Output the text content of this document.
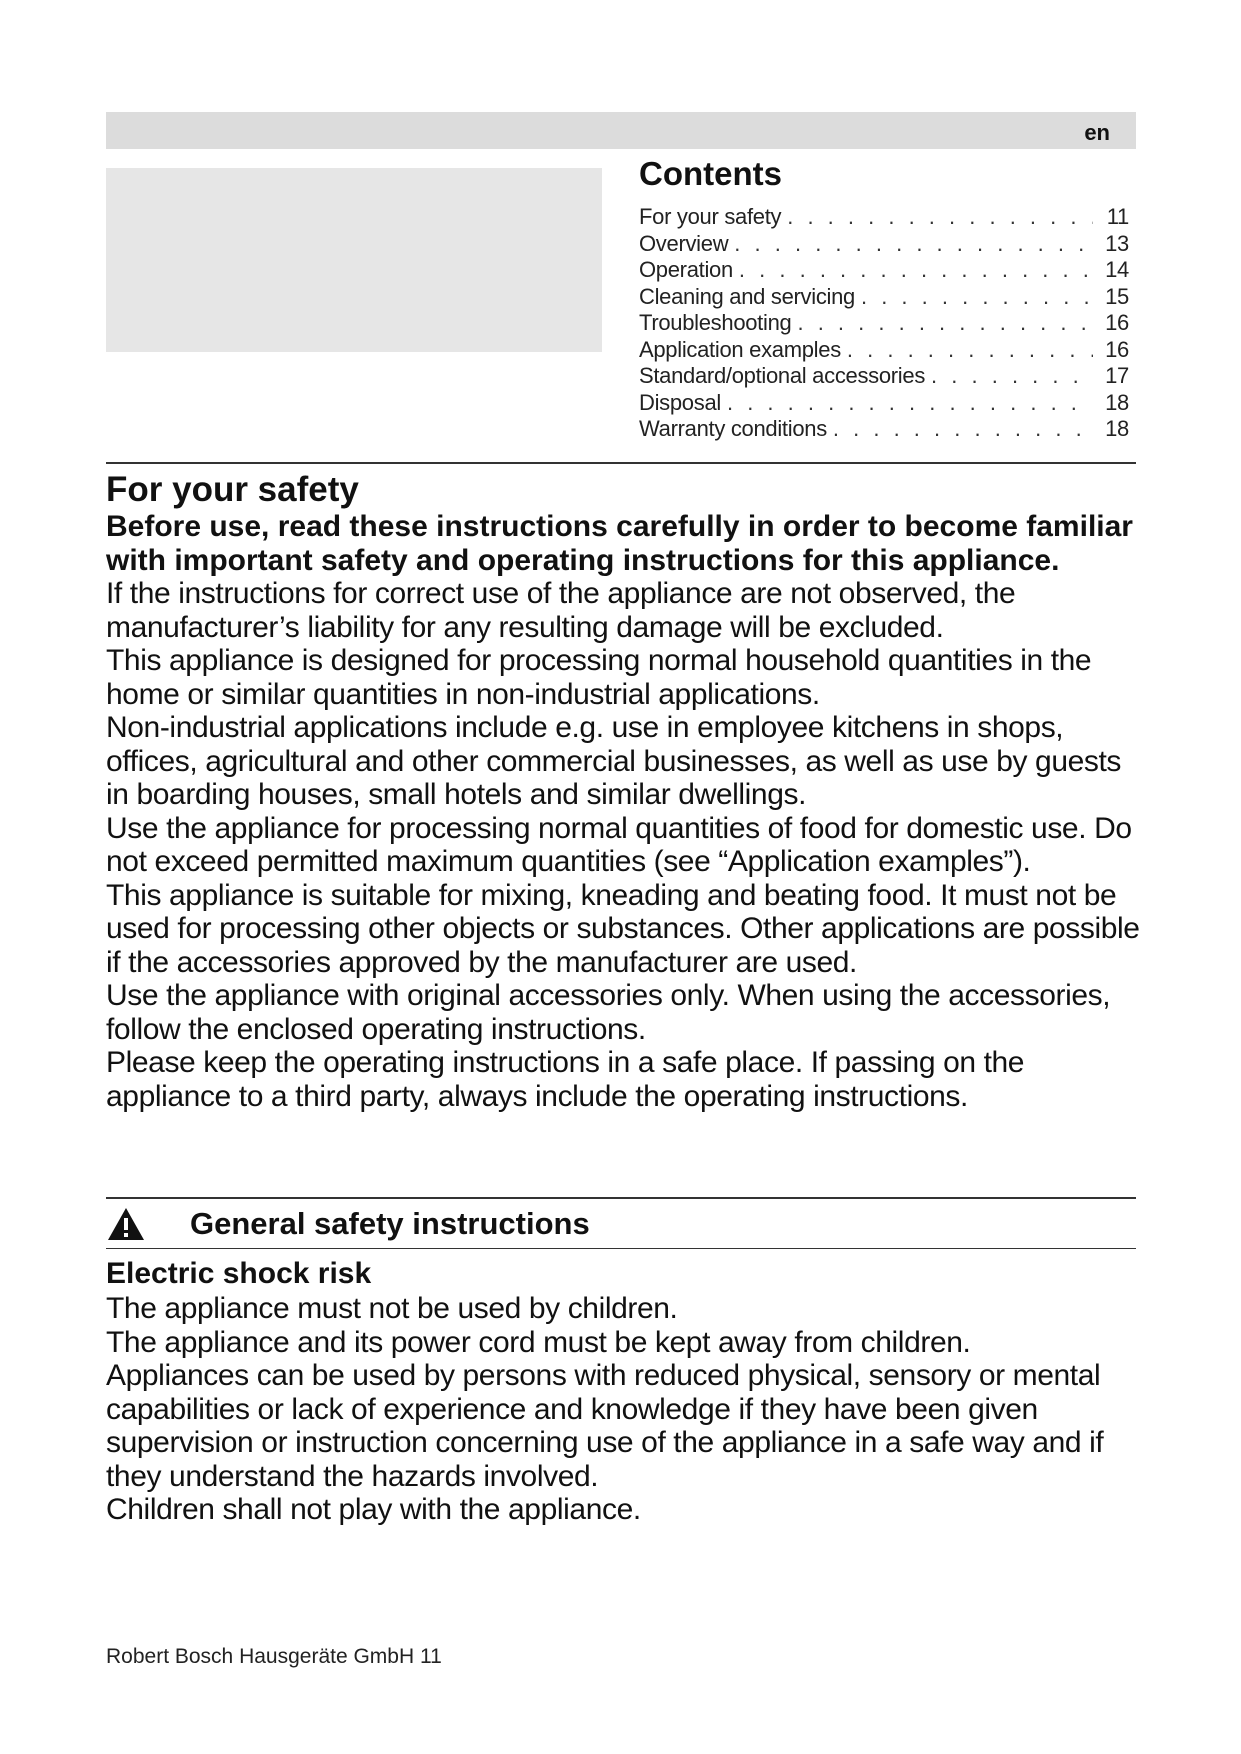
en
Contents
For your safety . . .	11
Overview . . .	13
Operation . . .	14
Cleaning and servicing . . .	15
Troubleshooting . . .	16
Application examples . . .	16
Standard/optional accessories . . .	17
Disposal . . .	18
Warranty conditions . . .	18
For your safety

Before use, read these instructions carefully in order to become familiar with important safety and operating instructions for this appliance.

If the instructions for correct use of the appliance are not observed, the manufacturer’s liability for any resulting damage will be excluded.

This appliance is designed for processing normal household quantities in the home or similar quantities in non-industrial applications.

Non-industrial applications include e.g. use in employee kitchens in shops, offices, agricultural and other commercial businesses, as well as use by guests in boarding houses, small hotels and similar dwellings.

Use the appliance for processing normal quantities of food for domestic use. Do not exceed permitted maximum quantities (see “Application examples”).

This appliance is suitable for mixing, kneading and beating food. It must not be used for processing other objects or substances. Other applications are possible if the accessories approved by the manufacturer are used.

Use the appliance with original accessories only. When using the accessories, follow the enclosed operating instructions.

Please keep the operating instructions in a safe place. If passing on the appliance to a third party, always include the operating instructions.

General safety instructions
Electric shock risk

The appliance must not be used by children.

The appliance and its power cord must be kept away from children.

Appliances can be used by persons with reduced physical, sensory or mental capabilities or lack of experience and knowledge if they have been given supervision or instruction concerning use of the appliance in a safe way and if they understand the hazards involved.

Children shall not play with the appliance.

Robert Bosch Hausgeräte GmbH 11
